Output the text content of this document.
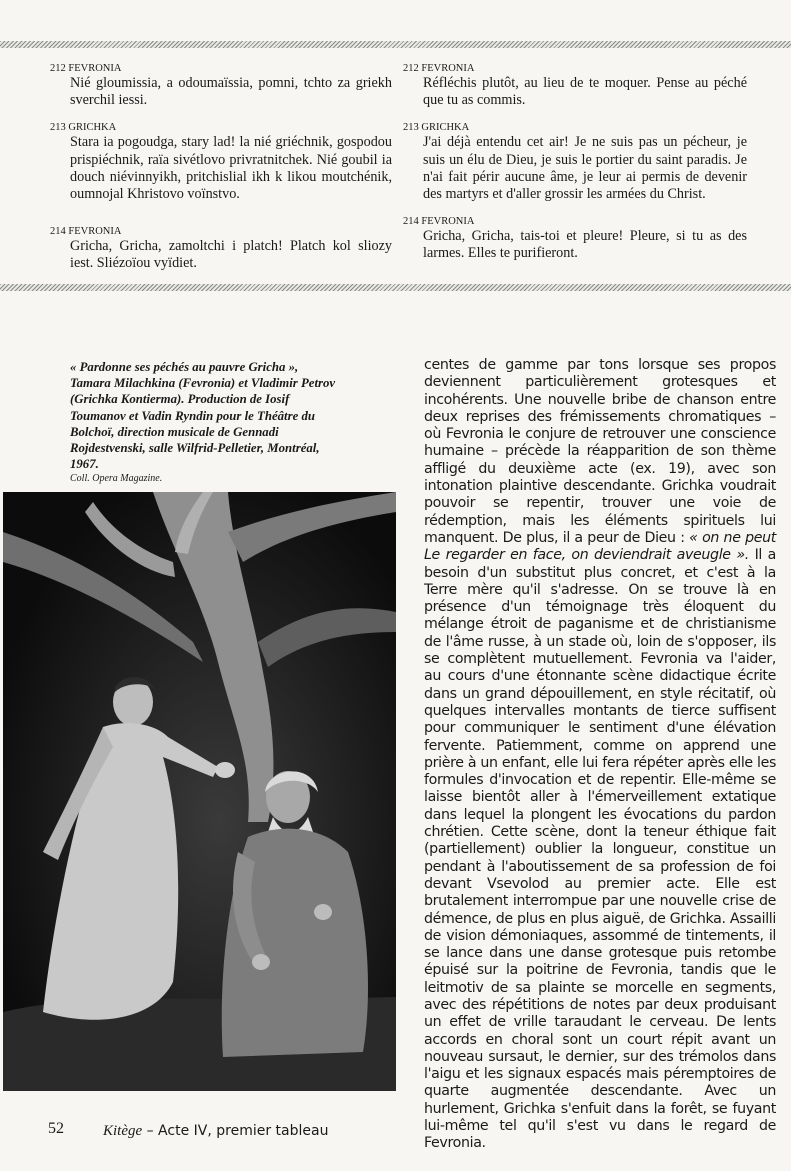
212 FEVRONIA
Nié gloumissia, a odoumaïssia, pomni, tchto za griekh sverchil iessi.
213 GRICHKA
Stara ia pogoudga, stary lad! la nié griéchnik, gospodou prispiéchnik, raïa sivétlovo privratnitchek. Nié goubil ia douch niévinnyikh, pritchislial ikh k likou moutchénik, oumnojal Khristovo voïnstvo.
214 FEVRONIA
Gricha, Gricha, zamoltchi i platch! Platch kol sliozy iest. Sliézoïou vyïdiet.
212 FEVRONIA
Réfléchis plutôt, au lieu de te moquer. Pense au péché que tu as commis.
213 GRICHKA
J'ai déjà entendu cet air! Je ne suis pas un pécheur, je suis un élu de Dieu, je suis le portier du saint paradis. Je n'ai fait périr aucune âme, je leur ai permis de devenir des martyrs et d'aller grossir les armées du Christ.
214 FEVRONIA
Gricha, Gricha, tais-toi et pleure! Pleure, si tu as des larmes. Elles te purifieront.
« Pardonne ses péchés au pauvre Gricha », Tamara Milachkina (Fevronia) et Vladimir Petrov (Grichka Kontierma). Production de Iosif Toumanov et Vadin Ryndin pour le Théâtre du Bolchoï, direction musicale de Gennadi Rojdestvenski, salle Wilfrid-Pelletier, Montréal, 1967.
Coll. Opera Magazine.
centes de gamme par tons lorsque ses propos deviennent particulièrement grotesques et incohérents. Une nouvelle bribe de chanson entre deux reprises des frémissements chromatiques – où Fevronia le conjure de retrouver une conscience humaine – précède la réapparition de son thème affligé du deuxième acte (ex. 19), avec son intonation plaintive descendante. Grichka voudrait pouvoir se repentir, trouver une voie de rédemption, mais les éléments spirituels lui manquent. De plus, il a peur de Dieu : « on ne peut Le regarder en face, on deviendrait aveugle ». Il a besoin d'un substitut plus concret, et c'est à la Terre mère qu'il s'adresse. On se trouve là en présence d'un témoignage très éloquent du mélange étroit de paganisme et de christianisme de l'âme russe, à un stade où, loin de s'opposer, ils se complètent mutuellement. Fevronia va l'aider, au cours d'une étonnante scène didactique écrite dans un grand dépouillement, en style récitatif, où quelques intervalles montants de tierce suffisent pour communiquer le sentiment d'une élévation fervente. Patiemment, comme on apprend une prière à un enfant, elle lui fera répéter après elle les formules d'invocation et de repentir. Elle-même se laisse bientôt aller à l'émerveillement extatique dans lequel la plongent les évocations du pardon chrétien. Cette scène, dont la teneur éthique fait (partiellement) oublier la longueur, constitue un pendant à l'aboutissement de sa profession de foi devant Vsevolod au premier acte. Elle est brutalement interrompue par une nouvelle crise de démence, de plus en plus aiguë, de Grichka. Assailli de vision démoniaques, assommé de tintements, il se lance dans une danse grotesque puis retombe épuisé sur la poitrine de Fevronia, tandis que le leitmotiv de sa plainte se morcelle en segments, avec des répétitions de notes par deux produisant un effet de vrille taraudant le cerveau. De lents accords en choral sont un court répit avant un nouveau sursaut, le dernier, sur des trémolos dans l'aigu et les signaux espacés mais péremptoires de quarte augmentée descendante. Avec un hurlement, Grichka s'enfuit dans la forêt, se fuyant lui-même tel qu'il s'est vu dans le regard de Fevronia.
52	Kitège – Acte IV, premier tableau
